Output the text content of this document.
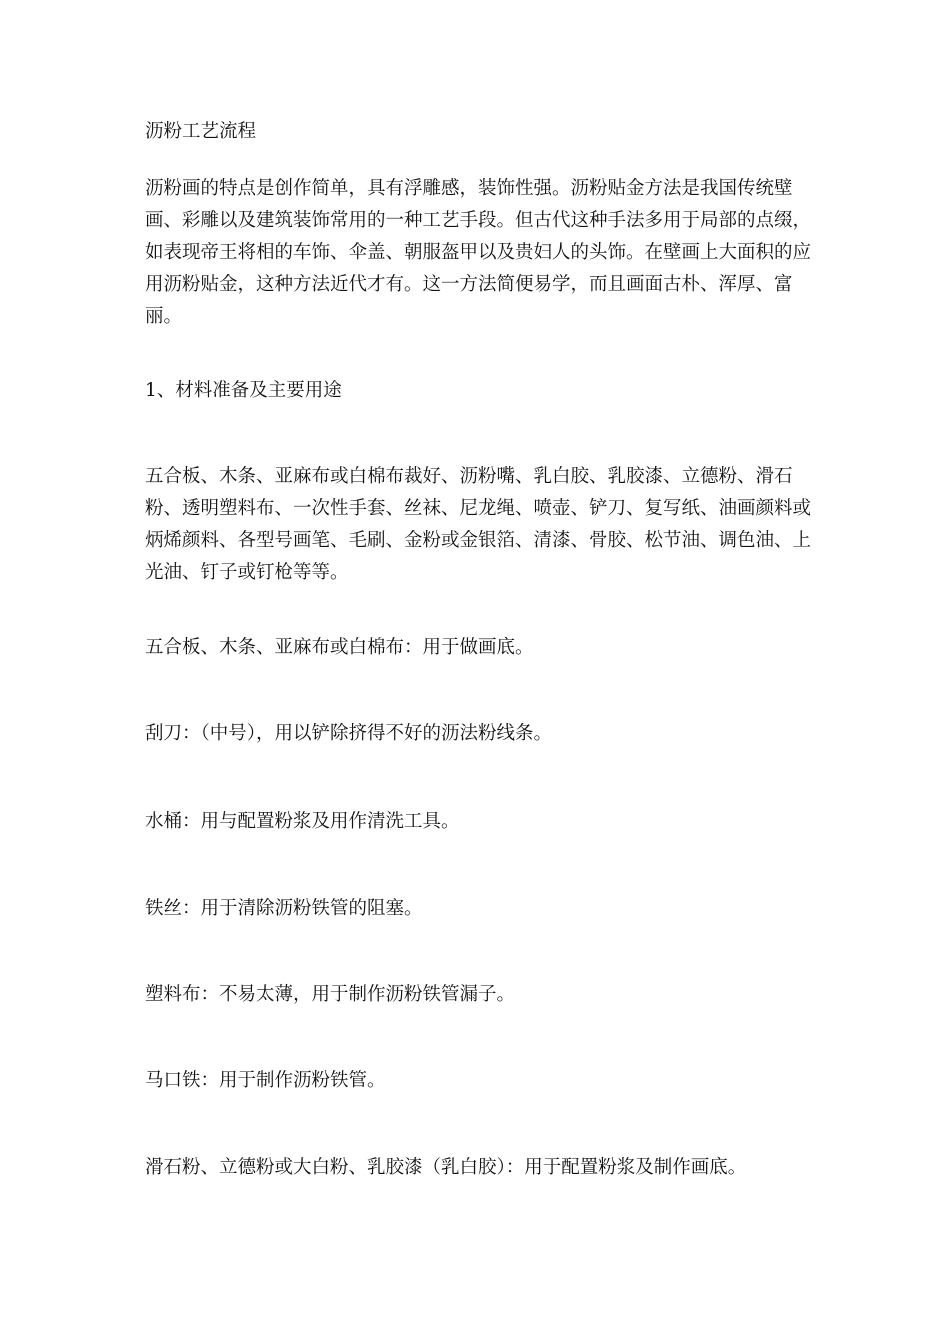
沥粉工艺流程

沥粉画的特点是创作简单，具有浮雕感，装饰性强。沥粉贴金方法是我国传统壁画、彩雕以及建筑装饰常用的一种工艺手段。但古代这种手法多用于局部的点缀，如表现帝王将相的车饰、伞盖、朝服盔甲以及贵妇人的头饰。在壁画上大面积的应用沥粉贴金，这种方法近代才有。这一方法简便易学，而且画面古朴、浑厚、富丽。

1、材料准备及主要用途

五合板、木条、亚麻布或白棉布裁好、沥粉嘴、乳白胶、乳胶漆、立德粉、滑石粉、透明塑料布、一次性手套、丝袜、尼龙绳、喷壶、铲刀、复写纸、油画颜料或炳烯颜料、各型号画笔、毛刷、金粉或金银箔、清漆、骨胶、松节油、调色油、上光油、钉子或钉枪等等。

五合板、木条、亚麻布或白棉布：用于做画底。

刮刀：（中号），用以铲除挤得不好的沥法粉线条。

水桶：用与配置粉浆及用作清洗工具。

铁丝：用于清除沥粉铁管的阻塞。

塑料布：不易太薄，用于制作沥粉铁管漏子。

马口铁：用于制作沥粉铁管。

滑石粉、立德粉或大白粉、乳胶漆（乳白胶）：用于配置粉浆及制作画底。
